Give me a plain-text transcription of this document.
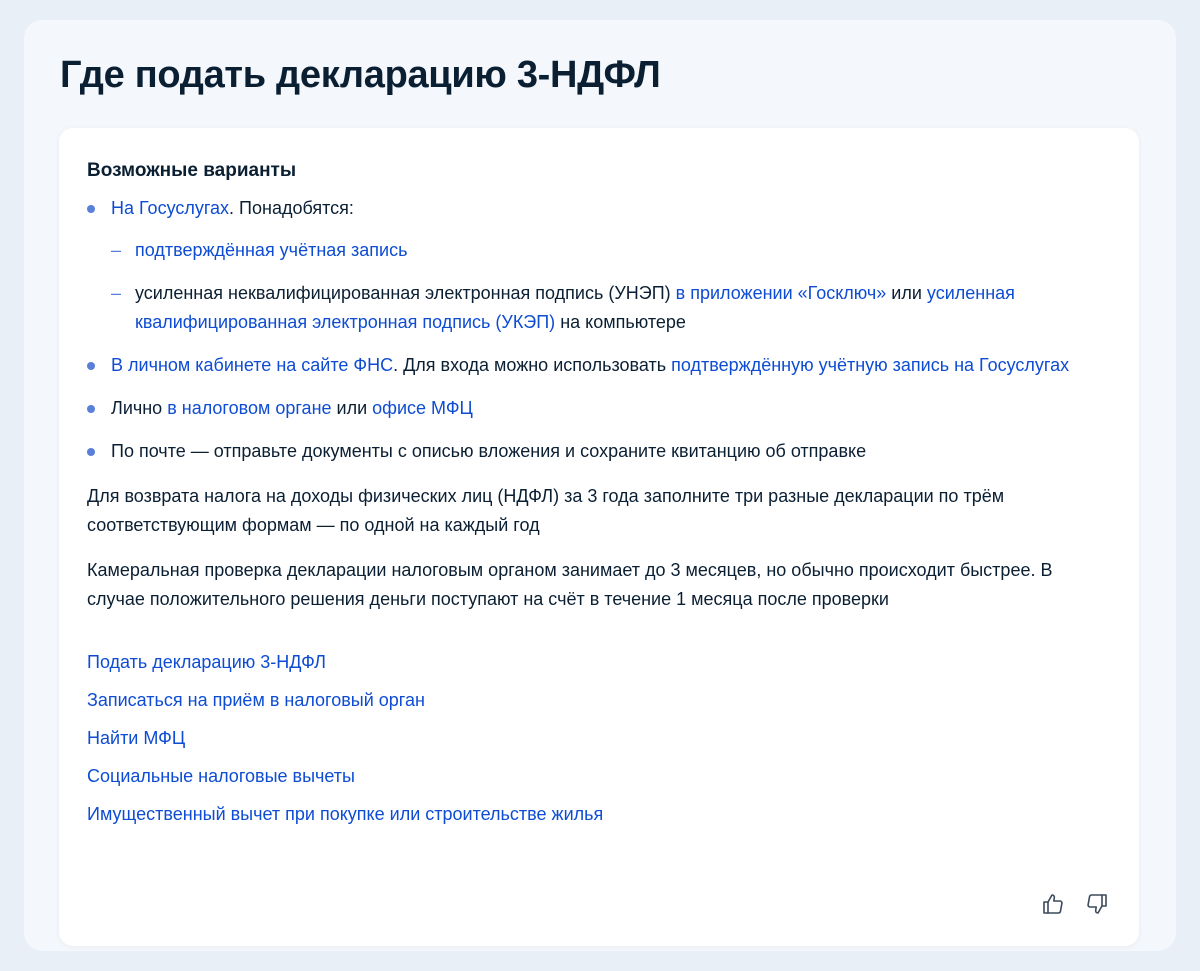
Где подать декларацию 3-НДФЛ
Возможные варианты
На Госуслугах. Понадобятся:
– подтверждённая учётная запись
– усиленная неквалифицированная электронная подпись (УНЭП) в приложении «Госключ» или усиленная квалифицированная электронная подпись (УКЭП) на компьютере
В личном кабинете на сайте ФНС. Для входа можно использовать подтверждённую учётную запись на Госуслугах
Лично в налоговом органе или офисе МФЦ
По почте — отправьте документы с описью вложения и сохраните квитанцию об отправке

Для возврата налога на доходы физических лиц (НДФЛ) за 3 года заполните три разные декларации по трём соответствующим формам — по одной на каждый год

Камеральная проверка декларации налоговым органом занимает до 3 месяцев, но обычно происходит быстрее. В случае положительного решения деньги поступают на счёт в течение 1 месяца после проверки

Подать декларацию 3-НДФЛ
Записаться на приём в налоговый орган
Найти МФЦ
Социальные налоговые вычеты
Имущественный вычет при покупке или строительстве жилья
